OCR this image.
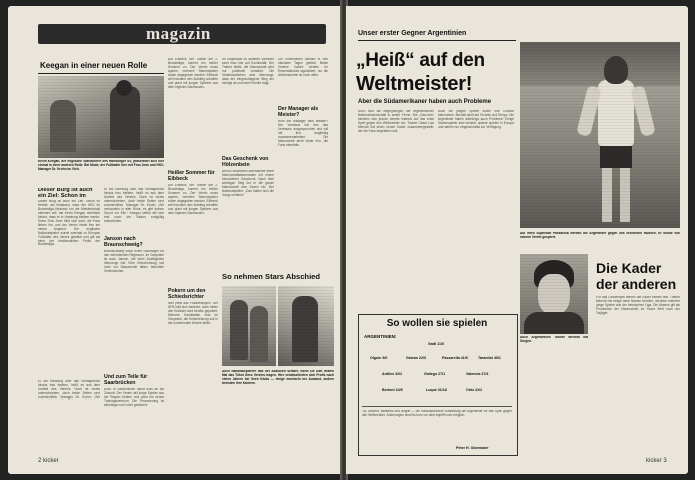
magazin
Keegan in einer neuen Rolle
Kevin Keegan, der englische Starstürmer des Hamburger SV, präsentiert sich hier einmal in einer anderen Rolle. Bei Mode, der Fußballer hier mit Frau Jean und HSV-Manager Dr. Krohn im Vieh.
Dieser Burg ist auch ein Ziel: Schon im
Dieser Burg ist auch ein Ziel: Schon im Herbst, als feststand, dass der HSV im Bundesliga-Vorstand um die Meisterschaft mitreden will, hat Kevin Keegan mehrfach betont, dass er in Hamburg bleiben werde. Seine Frau Jean fühlt sich wohl, die Fans lieben ihn, und der Verein bietet ihm ein neues Angebot. Der englische Nationalspieler wurde zweimal zu Europas Fußballer des Jahres gewählt und gilt als einer der bestbezahlten Profis der Bundesliga.
Er will Hamburg über das Vertragsende hinaus treu bleiben, heißt es aus dem Umfeld des Vereins. Noch ist nichts unterschrieben, doch beide Seiten sind zuversichtlich. Manager Dr. Krohn: „Wir
Und zum Teile für Saarbrücken
Auch in Saarbrücken denkt man an die Zukunft. Der Verein will junge Spieler aus der Region fördern und plant ein neues Trainingszentrum. Die Finanzierung ist allerdings noch nicht gesichert.
Er will Hamburg über das Vertragsende hinaus treu bleiben, heißt es aus dem Umfeld des Vereins. Noch ist nichts unterschrieben, doch beide Seiten sind zuversichtlich. Manager Dr. Krohn: „Wir verhandeln in aller Ruhe, es gibt keinen Grund zur Eile.“ Keegan selbst will sich erst nach der Saison endgültig entscheiden.
Janson nach Braunschweig?
Braunschweig sucht einen Nachfolger für den scheidenden Regisseur. Im Gespräch ist auch Janson, der beim Zweitligisten überzeugt hat. Eine Entscheidung soll noch vor Saisonende fallen, berichten Vereinskreise.
Auf Eibbeck, der Trainer der 2. Bundesliga, kommt ein heißer Sommer zu. Der Verein muss sparen, mehrere Stammspieler sollen abgegeben werden. Eibbeck will trotzdem den Aufstieg schaffen und plant mit jungen Spielern aus dem eigenen Nachwuchs.
Heißer Sommer für Eibbeck
Auf Eibbeck, der Trainer der 2. Bundesliga, kommt ein heißer Sommer zu. Der Verein muss sparen, mehrere Stammspieler sollen abgegeben werden. Eibbeck will trotzdem den Aufstieg schaffen und plant mit jungen Spielern aus dem eigenen Nachwuchs.
Pokern um den Schiedsrichter
Wer pfeift das Pokalendspiel? Der DFB hält sich bedeckt, doch hinter den Kulissen wird bereits gepokert. Mehrere Kandidaten sind im Gespräch, die Entscheidung soll in der kommenden Woche fallen.
Im Gegensatz zu anderen Vereinen setzt man hier auf Kontinuität. Der Trainer bleibt, die Mannschaft wird nur punktuell verstärkt. Die Verantwortlichen sind überzeugt, dass der eingeschlagene Weg der richtige ist und bald Früchte trägt.
Das Geschenk von Hölzenbein
Bernd Hölzenbein überraschte seine Mannschaftskameraden mit einem besonderen Geschenk. Nach dem wichtigen Sieg lud er die ganze Mannschaft zum Essen ein. Der Nationalspieler: „Das hatten sich die Jungs verdient.“
Die Einzelheiten werden in den nächsten Tagen geklärt. Beide Vereine haben bereits ihr Einverständnis signalisiert, nur die Ablösesumme ist noch offen.
Der Manager als Meister?
Wird der Manager bald Meister? Der Vorstand hat ihm das Vertrauen ausgesprochen und will mit ihm langfristig zusammenarbeiten. Die Mannschaft steht hinter ihm, die Fans ebenfalls.
So nehmen Stars Abschied
Auch Nationalspielern fällt der Abschied schwer, wenn sie zum letzten Mal das Trikot ihres Vereins tragen. Hier verabschieden sich Profis nach vielen Jahren bei ihren Klubs — einige wechseln ins Ausland, andere beenden ihre Karriere.
2 kicker
Unser erster Gegner Argentinien
„Heiß“ auf den
Weltmeister!
Aber die Südamerikaner haben auch Probleme
Noch sind die Begegnungen der argentinischen Nationalmannschaft in weiter Ferne. Die „Gauchos“ bereiten sich jedoch bereits intensiv auf das erste Spiel gegen den Weltmeister vor. Trainer César Luis Menotti hat einen neuen Kader zusammengestellt, der die Fans begeistern soll.
Auch die jungen Spieler sollen ihre Chance bekommen. Menotti setzt auf Technik und Tempo. Die Argentinier haben allerdings auch Probleme: Einige Stammspieler sind verletzt, andere spielen in Europa und stehen nur eingeschränkt zur Verfügung.
Auf ihren Superstar Passarella werden die Argentinier gegen uns verzichten müssen. Er wurde von seinem Verein gesperrt.
Die Kader
der anderen
Auch Argentiniens Trainer Menotti hat Sorgen.
Für das Länderspiel stehen die Kader bereits fest. Trainer Menotti hat einige neue Namen berufen, darunter mehrere junge Spieler aus der heimischen Liga. Die Abwehr gilt als Prunkstück der Mannschaft, im Sturm fehlt noch der Torjäger.
So wollen sie spielen
ARGENTINIEN:
Gatti 11/0
Olguin 9/0	Galvan 22/0	Passarella 41/9	Tarantini 40/1
Ardiles 32/2	Gallego 27/1	Valencia 27/4
Bertoni 24/9	Luque 31/18	Ortiz 22/2
Tor, Abwehr, Mittelfeld und Angriff — die voraussichtliche Aufstellung der Argentinier für das Spiel gegen den Weltmeister. Änderungen sind bis kurz vor dem Anpfiff noch möglich.
Peter H. Obermaier
kicker 3
